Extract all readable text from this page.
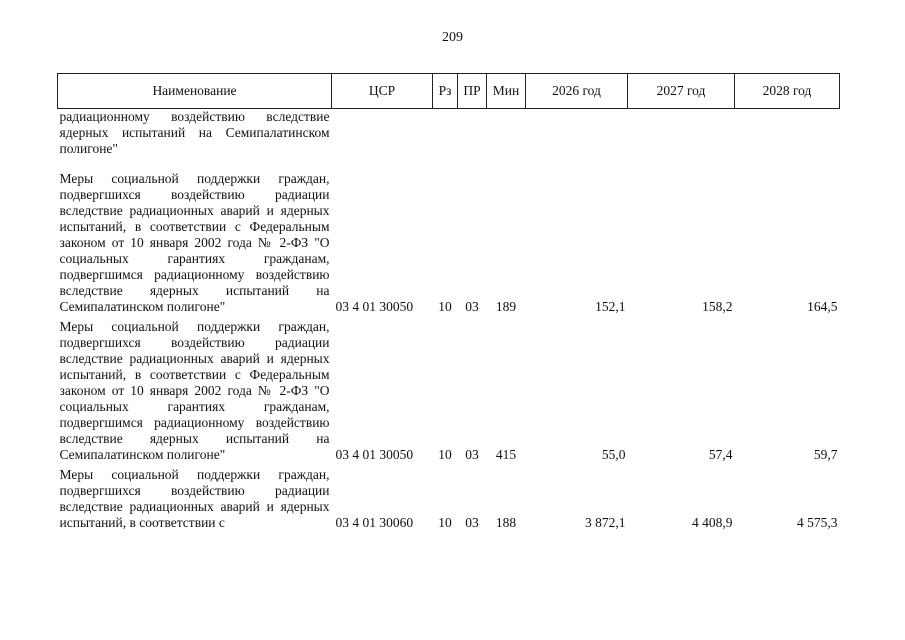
209
Наименование	ЦСР	Рз	ПР	Мин	2026 год	2027 год	2028 год
радиационному воздействию вследствие ядерных испытаний на Семипалатинском полигоне"							
Меры социальной поддержки граждан, подвергшихся воздействию радиации вследствие радиационных аварий и ядерных испытаний, в соответствии с Федеральным законом от 10 января 2002 года № 2-ФЗ "О социальных гарантиях гражданам, подвергшимся радиационному воздействию вследствие ядерных испытаний на Семипалатинском полигоне"	03 4 01 30050	10	03	189	152,1	158,2	164,5
Меры социальной поддержки граждан, подвергшихся воздействию радиации вследствие радиационных аварий и ядерных испытаний, в соответствии с Федеральным законом от 10 января 2002 года № 2-ФЗ "О социальных гарантиях гражданам, подвергшимся радиационному воздействию вследствие ядерных испытаний на Семипалатинском полигоне"	03 4 01 30050	10	03	415	55,0	57,4	59,7
Меры социальной поддержки граждан, подвергшихся воздействию радиации вследствие радиационных аварий и ядерных испытаний, в соответствии с	03 4 01 30060	10	03	188	3 872,1	4 408,9	4 575,3
